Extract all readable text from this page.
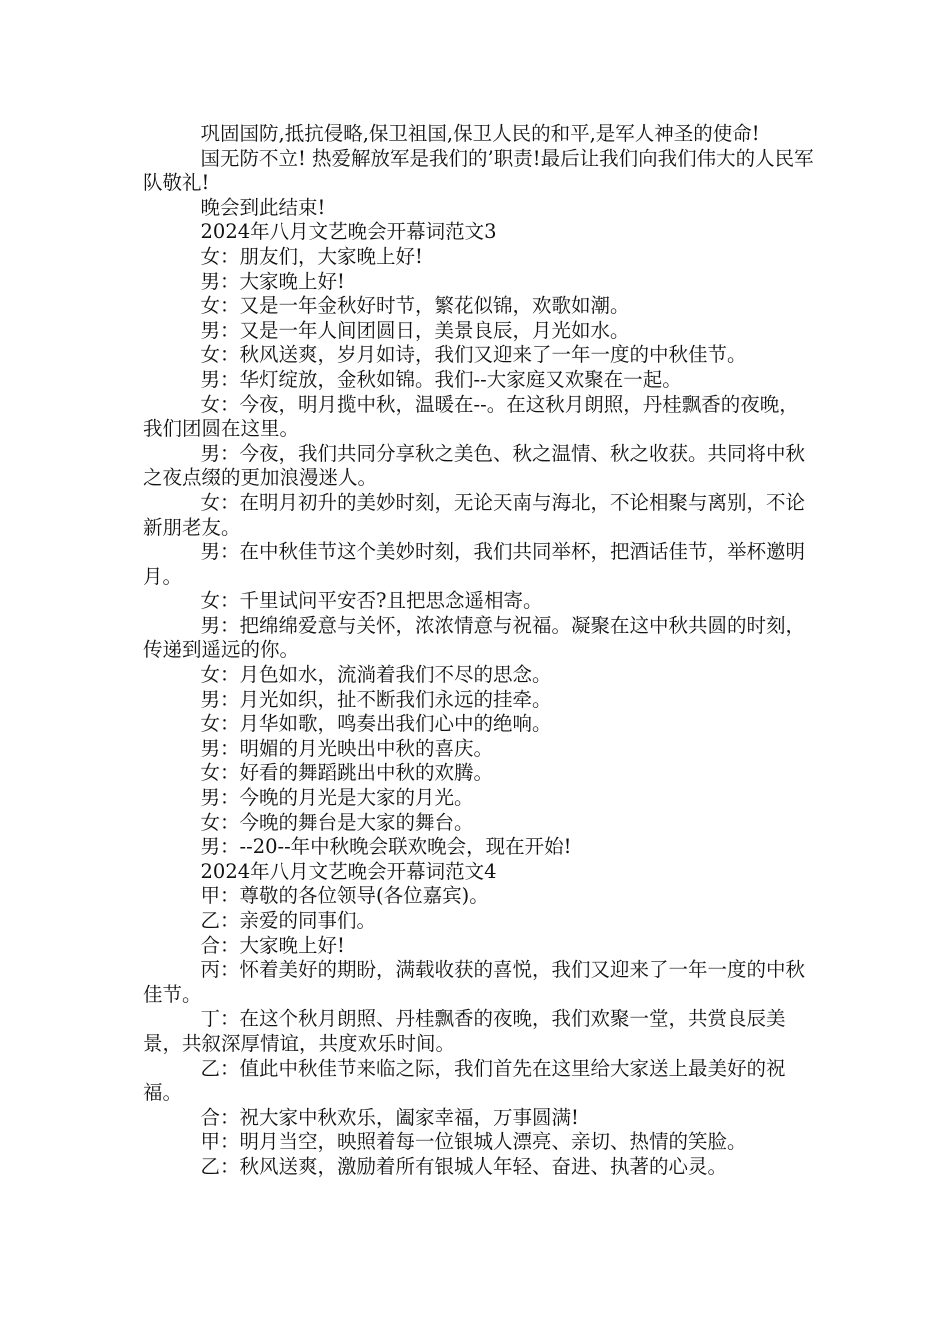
巩固国防,抵抗侵略,保卫祖国,保卫人民的和平,是军人神圣的使命!

国无防不立! 热爱解放军是我们的’职责!最后让我们向我们伟大的人民军队敬礼!

晚会到此结束!

2024年八月文艺晚会开幕词范文3

女：朋友们，大家晚上好!

男：大家晚上好!

女：又是一年金秋好时节，繁花似锦，欢歌如潮。

男：又是一年人间团圆日，美景良辰，月光如水。

女：秋风送爽，岁月如诗，我们又迎来了一年一度的中秋佳节。

男：华灯绽放，金秋如锦。我们--大家庭又欢聚在一起。

女：今夜，明月揽中秋，温暖在--。在这秋月朗照，丹桂飘香的夜晚，我们团圆在这里。

男：今夜，我们共同分享秋之美色、秋之温情、秋之收获。共同将中秋之夜点缀的更加浪漫迷人。

女：在明月初升的美妙时刻，无论天南与海北，不论相聚与离别，不论新朋老友。

男：在中秋佳节这个美妙时刻，我们共同举杯，把酒话佳节，举杯邀明月。

女：千里试问平安否?且把思念遥相寄。

男：把绵绵爱意与关怀，浓浓情意与祝福。凝聚在这中秋共圆的时刻，传递到遥远的你。

女：月色如水，流淌着我们不尽的思念。

男：月光如织，扯不断我们永远的挂牵。

女：月华如歌，鸣奏出我们心中的绝响。

男：明媚的月光映出中秋的喜庆。

女：好看的舞蹈跳出中秋的欢腾。

男：今晚的月光是大家的月光。

女：今晚的舞台是大家的舞台。

男：--20--年中秋晚会联欢晚会，现在开始!

2024年八月文艺晚会开幕词范文4

甲：尊敬的各位领导(各位嘉宾)。

乙：亲爱的同事们。

合：大家晚上好!

丙：怀着美好的期盼，满载收获的喜悦，我们又迎来了一年一度的中秋佳节。

丁：在这个秋月朗照、丹桂飘香的夜晚，我们欢聚一堂，共赏良辰美景，共叙深厚情谊，共度欢乐时间。

乙：值此中秋佳节来临之际，我们首先在这里给大家送上最美好的祝福。

合：祝大家中秋欢乐，阖家幸福，万事圆满!

甲：明月当空，映照着每一位银城人漂亮、亲切、热情的笑脸。

乙：秋风送爽，激励着所有银城人年轻、奋进、执著的心灵。
